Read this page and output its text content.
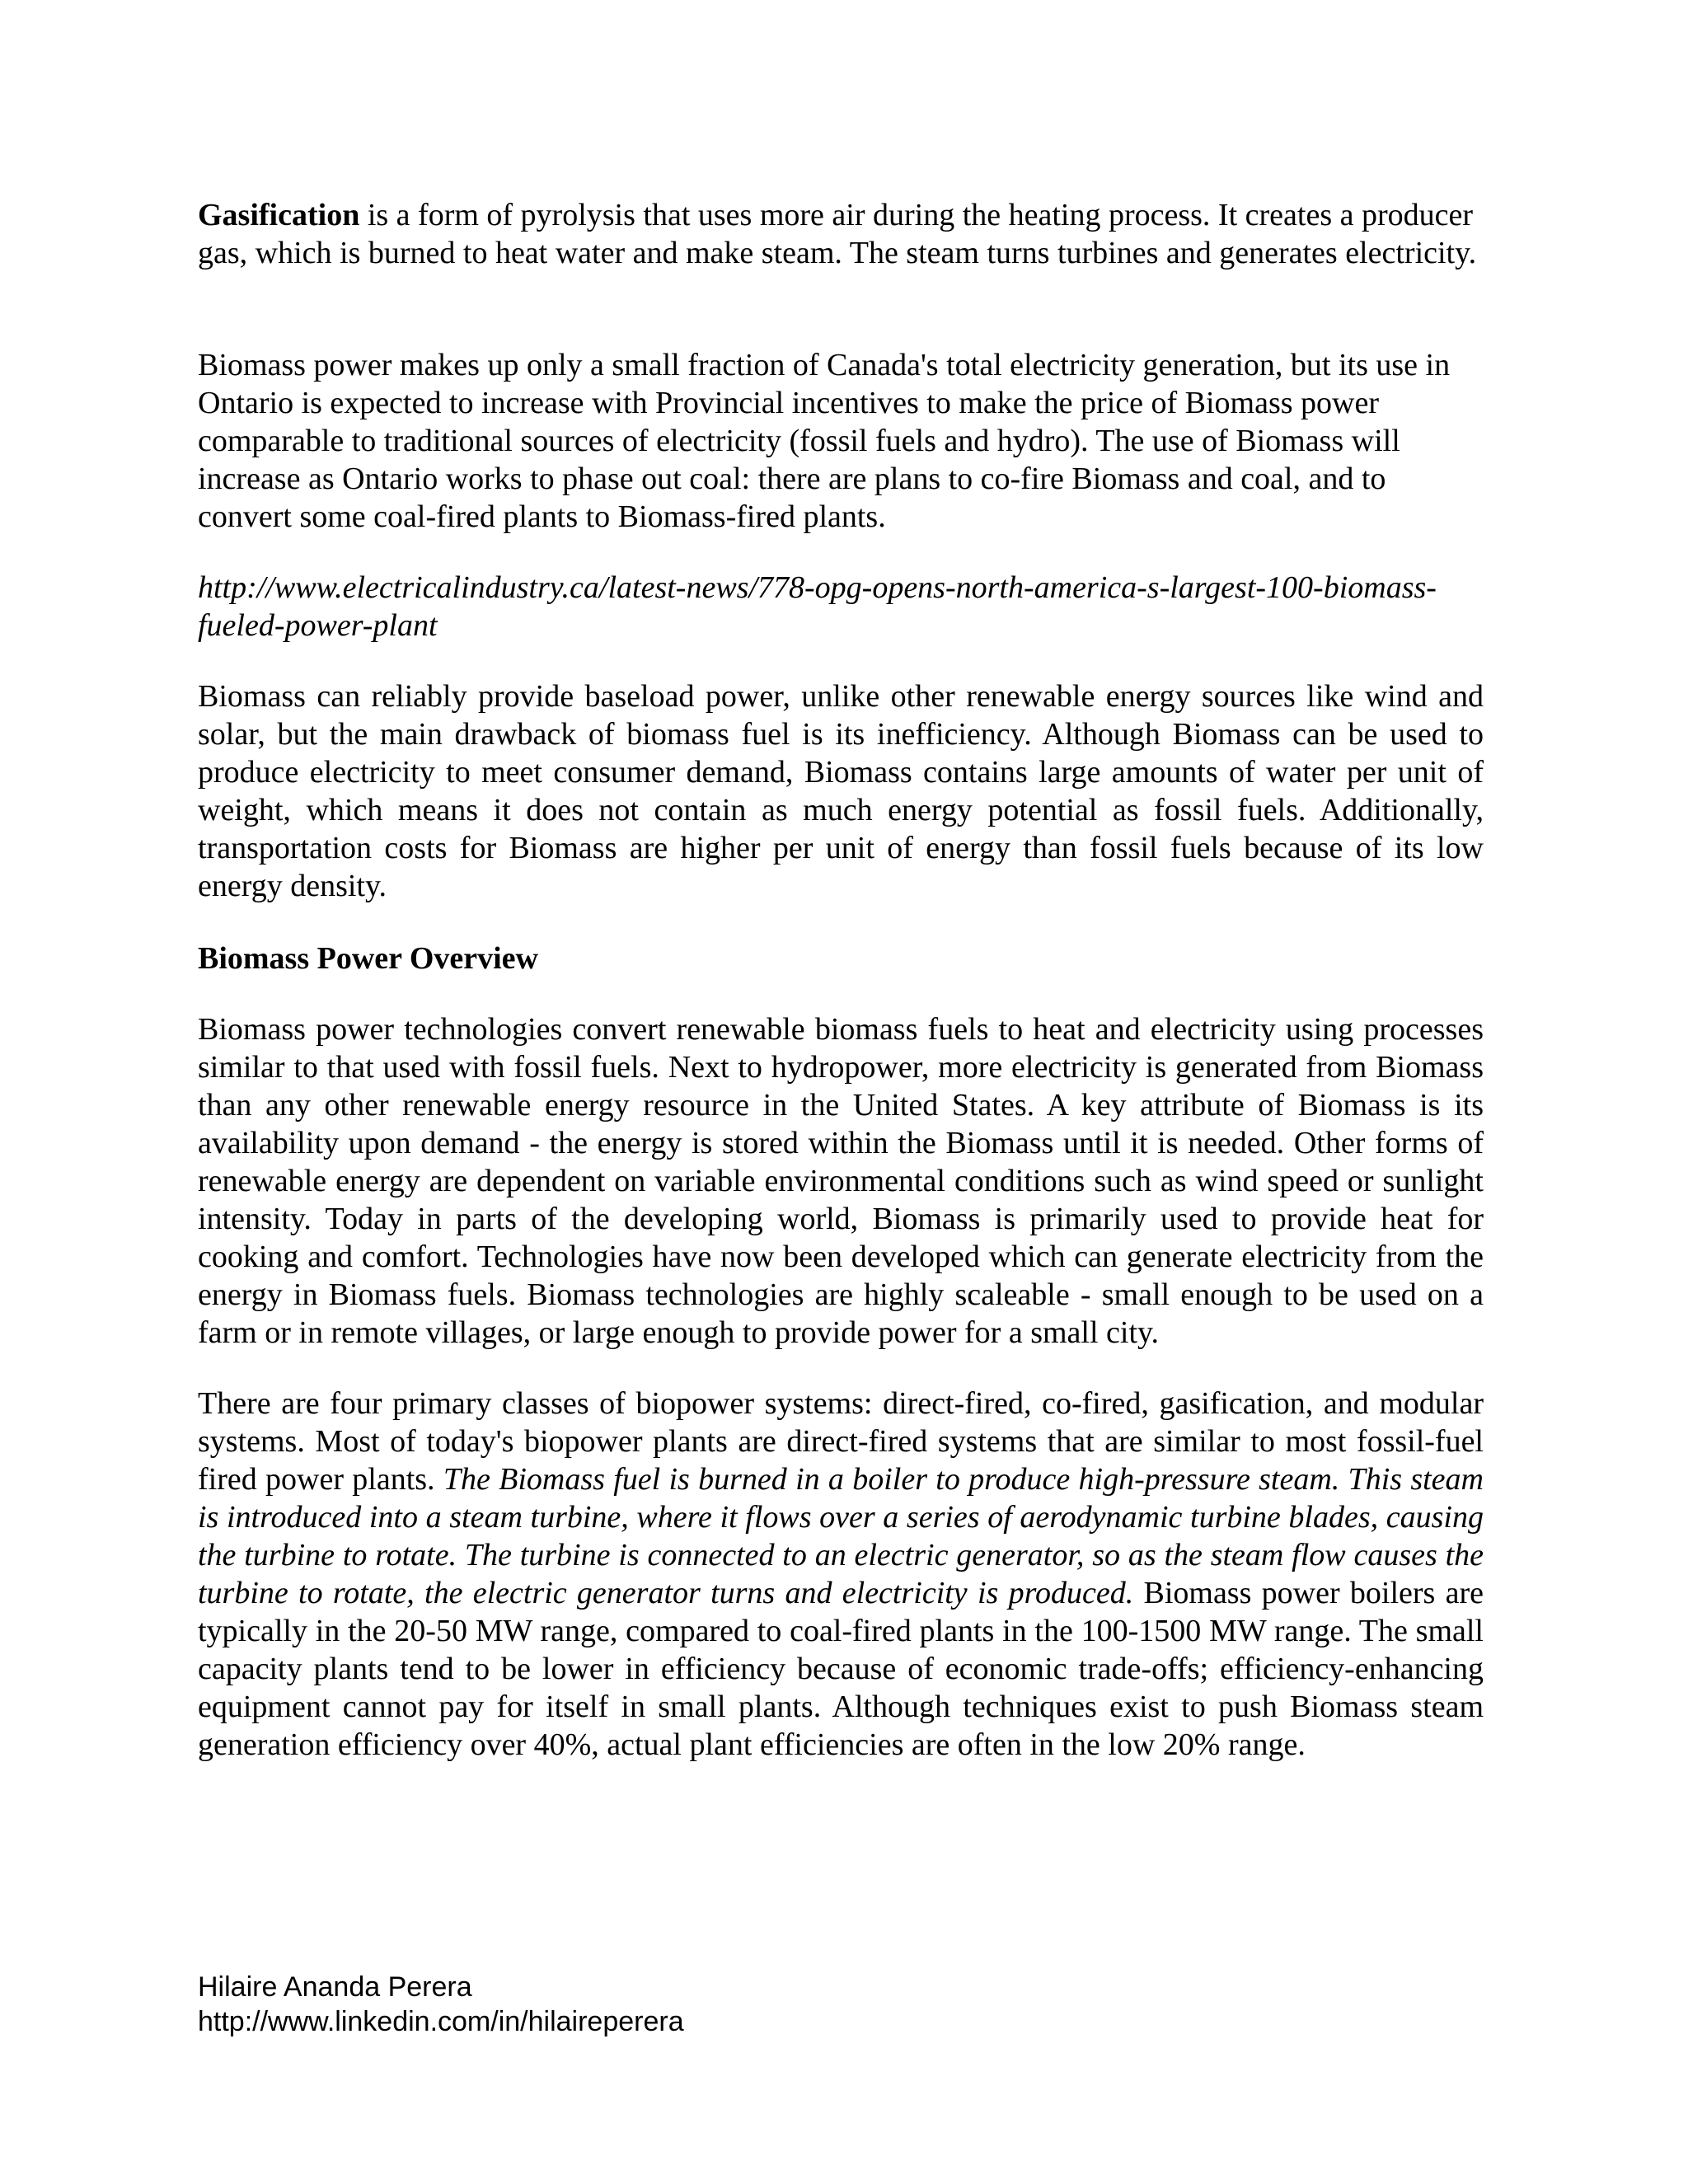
Gasification is a form of pyrolysis that uses more air during the heating process. It creates a producer gas, which is burned to heat water and make steam. The steam turns turbines and generates electricity.

Biomass power makes up only a small fraction of Canada's total electricity generation, but its use in Ontario is expected to increase with Provincial incentives to make the price of Biomass power comparable to traditional sources of electricity (fossil fuels and hydro). The use of Biomass will increase as Ontario works to phase out coal: there are plans to co-fire Biomass and coal, and to convert some coal-fired plants to Biomass-fired plants.

http://www.electricalindustry.ca/latest-news/778-opg-opens-north-america-s-largest-100-biomass-fueled-power-plant

Biomass can reliably provide baseload power, unlike other renewable energy sources like wind and solar, but the main drawback of biomass fuel is its inefficiency. Although Biomass can be used to produce electricity to meet consumer demand, Biomass contains large amounts of water per unit of weight, which means it does not contain as much energy potential as fossil fuels. Additionally, transportation costs for Biomass are higher per unit of energy than fossil fuels because of its low energy density.

Biomass Power Overview

Biomass power technologies convert renewable biomass fuels to heat and electricity using processes similar to that used with fossil fuels. Next to hydropower, more electricity is generated from Biomass than any other renewable energy resource in the United States. A key attribute of Biomass is its availability upon demand - the energy is stored within the Biomass until it is needed. Other forms of renewable energy are dependent on variable environmental conditions such as wind speed or sunlight intensity. Today in parts of the developing world, Biomass is primarily used to provide heat for cooking and comfort. Technologies have now been developed which can generate electricity from the energy in Biomass fuels. Biomass technologies are highly scaleable - small enough to be used on a farm or in remote villages, or large enough to provide power for a small city.

There are four primary classes of biopower systems: direct-fired, co-fired, gasification, and modular systems. Most of today's biopower plants are direct-fired systems that are similar to most fossil-fuel fired power plants. The Biomass fuel is burned in a boiler to produce high-pressure steam. This steam is introduced into a steam turbine, where it flows over a series of aerodynamic turbine blades, causing the turbine to rotate. The turbine is connected to an electric generator, so as the steam flow causes the turbine to rotate, the electric generator turns and electricity is produced. Biomass power boilers are typically in the 20-50 MW range, compared to coal-fired plants in the 100-1500 MW range. The small capacity plants tend to be lower in efficiency because of economic trade-offs; efficiency-enhancing equipment cannot pay for itself in small plants. Although techniques exist to push Biomass steam generation efficiency over 40%, actual plant efficiencies are often in the low 20% range.

Hilaire Ananda Perera
http://www.linkedin.com/in/hilaireperera
